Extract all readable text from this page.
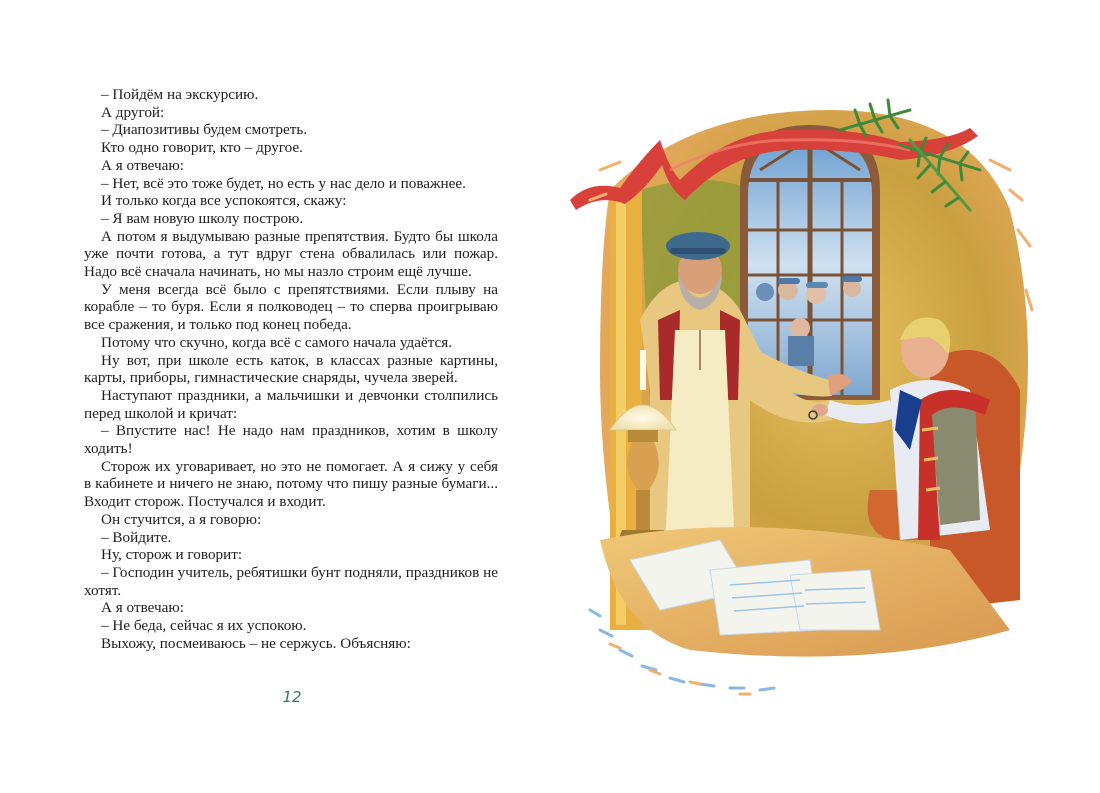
– Пойдём на экскурсию.

А другой:

– Диапозитивы будем смотреть.

Кто одно говорит, кто – другое.

А я отвечаю:

– Нет, всё это тоже будет, но есть у нас дело и поважнее.

И только когда все успокоятся, скажу:

– Я вам новую школу построю.

А потом я выдумываю разные препятствия. Будто бы школа уже почти готова, а тут вдруг стена обвалилась или пожар. Надо всё сначала начинать, но мы назло строим ещё лучше.

У меня всегда всё было с препятствиями. Если плыву на корабле – то буря. Если я полководец – то сперва проигрываю все сражения, и только под конец победа.

Потому что скучно, когда всё с самого начала удаётся.

Ну вот, при школе есть каток, в классах разные картины, карты, приборы, гимнастические снаряды, чучела зверей.

Наступают праздники, а мальчишки и девчонки столпились перед школой и кричат:

– Впустите нас! Не надо нам праздников, хотим в школу ходить!

Сторож их уговаривает, но это не помогает. А я сижу у себя в кабинете и ничего не знаю, потому что пишу разные бумаги... Входит сторож. Постучался и входит.

Он стучится, а я говорю:

– Войдите.

Ну, сторож и говорит:

– Господин учитель, ребятишки бунт подняли, праздников не хотят.

А я отвечаю:

– Не беда, сейчас я их успокою.

Выхожу, посмеиваюсь – не сержусь. Объясняю:

12
